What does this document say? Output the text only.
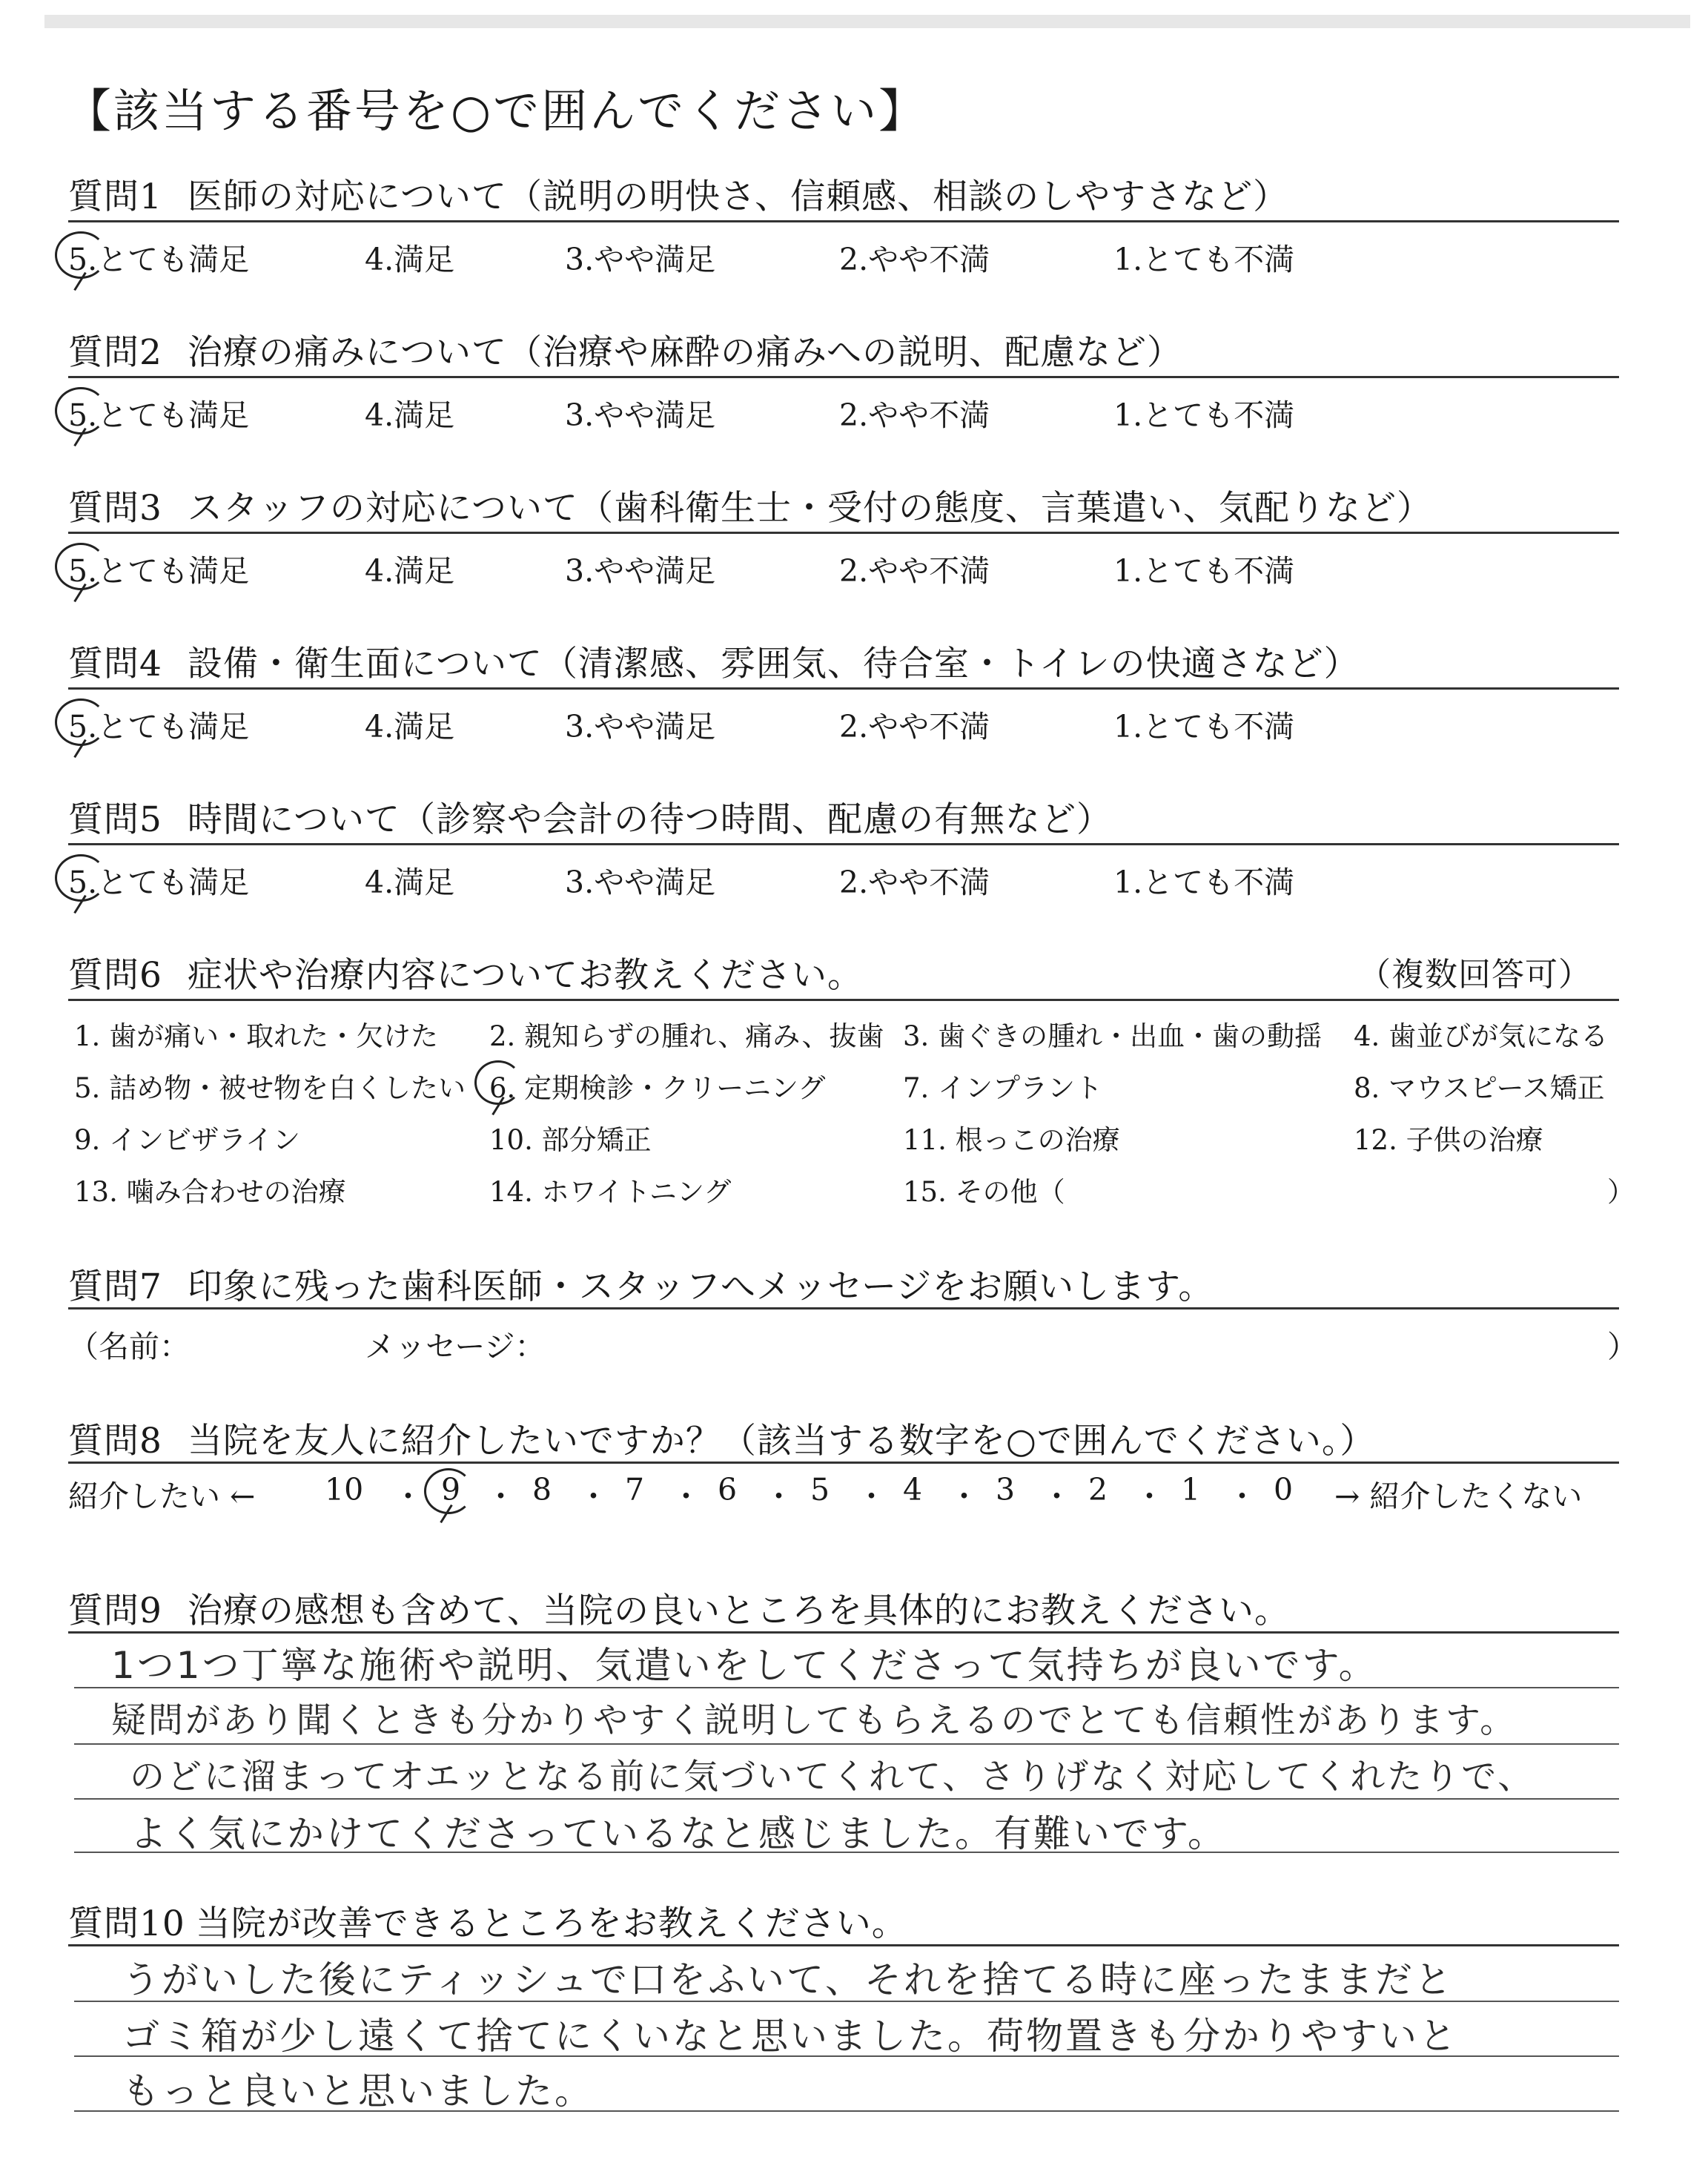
【該当する番号を○で囲んでください】
質問1 医師の対応について（説明の明快さ、信頼感、相談のしやすさなど）
5.とても満足	4.満足	3.やや満足	2.やや不満	1.とても不満
質問2 治療の痛みについて（治療や麻酔の痛みへの説明、配慮など）
5.とても満足	4.満足	3.やや満足	2.やや不満	1.とても不満
質問3 スタッフの対応について（歯科衛生士・受付の態度、言葉遣い、気配りなど）
5.とても満足	4.満足	3.やや満足	2.やや不満	1.とても不満
質問4 設備・衛生面について（清潔感、雰囲気、待合室・トイレの快適さなど）
5.とても満足	4.満足	3.やや満足	2.やや不満	1.とても不満
質問5 時間について（診察や会計の待つ時間、配慮の有無など）
5.とても満足	4.満足	3.やや満足	2.やや不満	1.とても不満
質問6 症状や治療内容についてお教えください。	（複数回答可）
1. 歯が痛い・取れた・欠けた 2. 親知らずの腫れ、痛み、抜歯 3. 歯ぐきの腫れ・出血・歯の動揺 4. 歯並びが気になる
5. 詰め物・被せ物を白くしたい 6. 定期検診・クリーニング	7. インプラント	8. マウスピース矯正
9. インビザライン	10. 部分矯正	11. 根っこの治療	12. 子供の治療
13. 噛み合わせの治療	14. ホワイトニング	15. その他（	）
質問7 印象に残った歯科医師・スタッフへメッセージをお願いします。
（名前：	メッセージ：	）
質問8 当院を友人に紹介したいですか？（該当する数字を○で囲んでください。）
紹介したい ← 10 ・ 9 ・ 8 ・ 7 ・ 6 ・ 5 ・ 4 ・ 3 ・ 2 ・ 1 ・ 0 → 紹介したくない
質問9 治療の感想も含めて、当院の良いところを具体的にお教えください。
1つ1つ丁寧な施術や説明、気遣いをしてくださって気持ちが良いです。
疑問があり聞くときも分かりやすく説明してもらえるのでとても信頼性があります。
のどに溜まってオエッとなる前に気づいてくれて、さりげなく対応してくれたりで、
よく気にかけてくださっているなと感じました。有難いです。
質問10 当院が改善できるところをお教えください。
うがいした後にティッシュで口をふいて、それを捨てる時に座ったままだと
ゴミ箱が少し遠くて捨てにくいなと思いました。荷物置きも分かりやすいと
もっと良いと思いました。
